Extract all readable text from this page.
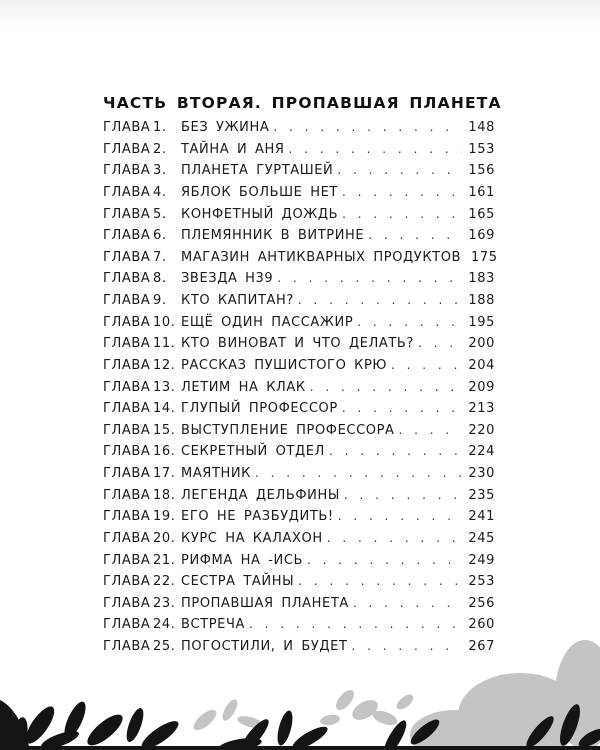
ЧАСТЬ ВТОРАЯ. ПРОПАВШАЯ ПЛАНЕТА
ГЛАВА 1.	БЕЗ УЖИНА . . .	148
ГЛАВА 2.	ТАЙНА И АНЯ . . .	153
ГЛАВА 3.	ПЛАНЕТА ГУРТАШЕЙ . . .	156
ГЛАВА 4.	ЯБЛОК БОЛЬШЕ НЕТ . . .	161
ГЛАВА 5.	КОНФЕТНЫЙ ДОЖДЬ . . .	165
ГЛАВА 6.	ПЛЕМЯННИК В ВИТРИНЕ . . .	169
ГЛАВА 7.	МАГАЗИН АНТИКВАРНЫХ ПРОДУКТОВ 175
ГЛАВА 8.	ЗВЕЗДА Н39 . . .	183
ГЛАВА 9.	КТО КАПИТАН? . . .	188
ГЛАВА 10. ЕЩЁ ОДИН ПАССАЖИР . . .	195
ГЛАВА 11. КТО ВИНОВАТ И ЧТО ДЕЛАТЬ? . . .	200
ГЛАВА 12. РАССКАЗ ПУШИСТОГО КРЮ . . .	204
ГЛАВА 13. ЛЕТИМ НА КЛАК . . .	209
ГЛАВА 14. ГЛУПЫЙ ПРОФЕССОР . . .	213
ГЛАВА 15. ВЫСТУПЛЕНИЕ ПРОФЕССОРА . . .	220
ГЛАВА 16. СЕКРЕТНЫЙ ОТДЕЛ . . .	224
ГЛАВА 17. МАЯТНИК . . .	230
ГЛАВА 18. ЛЕГЕНДА ДЕЛЬФИНЫ . . .	235
ГЛАВА 19. ЕГО НЕ РАЗБУДИТЬ! . . .	241
ГЛАВА 20. КУРС НА КАЛАХОН . . .	245
ГЛАВА 21. РИФМА НА -ИСЬ . . .	249
ГЛАВА 22. СЕСТРА ТАЙНЫ . . .	253
ГЛАВА 23. ПРОПАВШАЯ ПЛАНЕТА . . .	256
ГЛАВА 24. ВСТРЕЧА . . .	260
ГЛАВА 25. ПОГОСТИЛИ, И БУДЕТ . . .	267
